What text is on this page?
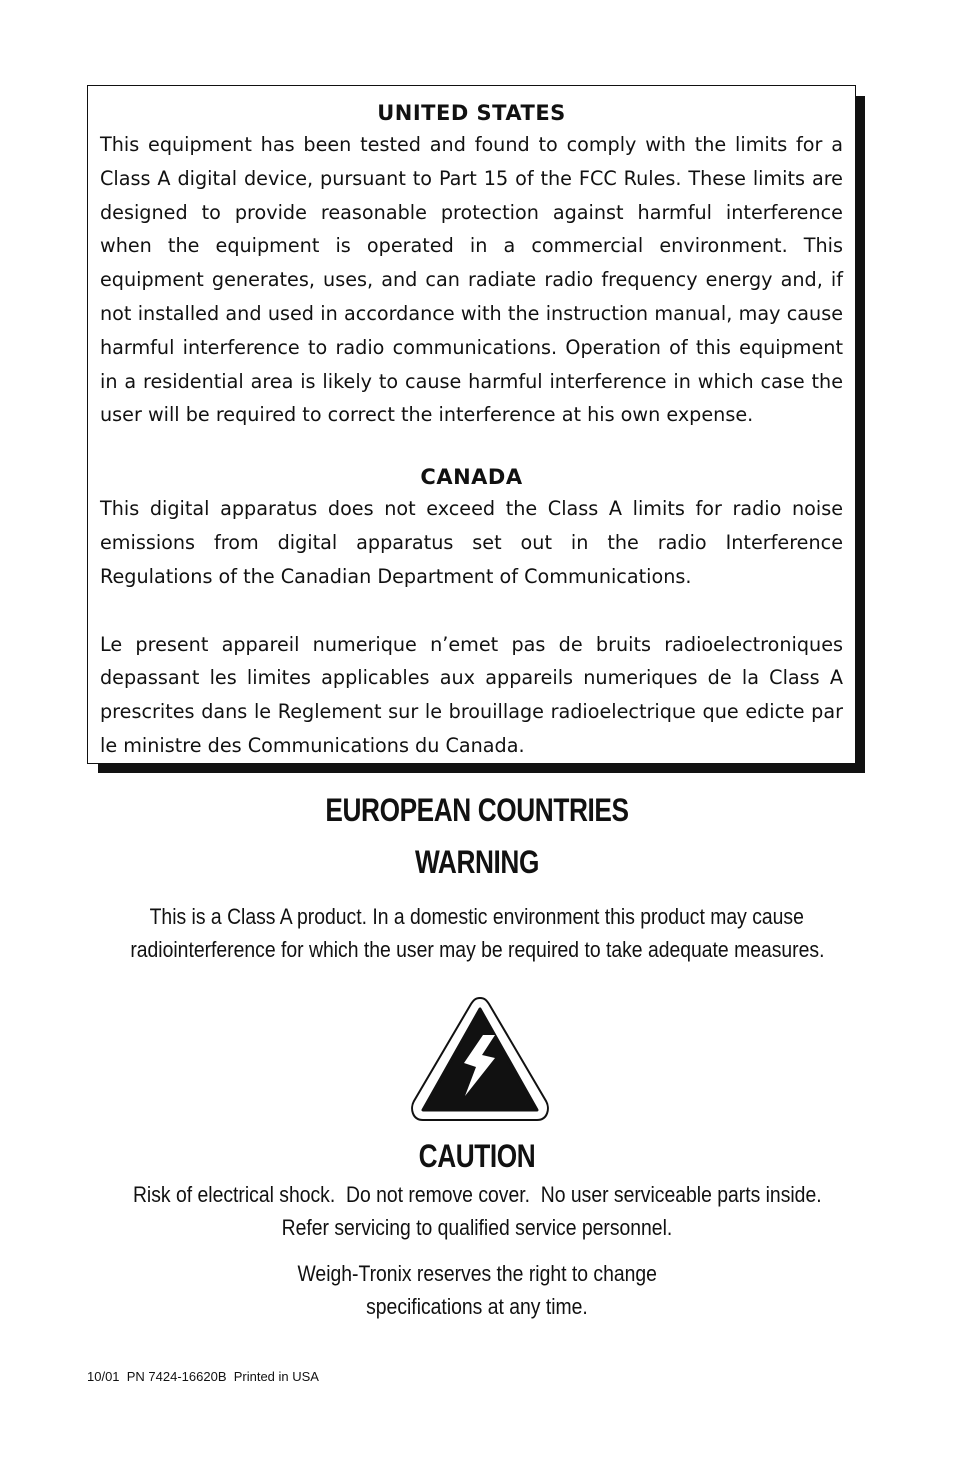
UNITED STATES

This equipment has been tested and found to comply with the limits for a Class A digital device, pursuant to Part 15 of the FCC Rules. These limits are designed to provide reasonable protection against harmful interference when the equipment is operated in a commercial environment. This equipment generates, uses, and can radiate radio frequency energy and, if not installed and used in accordance with the instruction manual, may cause harmful interference to radio communications. Operation of this equipment in a residential area is likely to cause harmful interference in which case the user will be required to correct the interference at his own expense.

CANADA

This digital apparatus does not exceed the Class A limits for radio noise emissions from digital apparatus set out in the radio Interference Regulations of the Canadian Department of Communications.

Le present appareil numerique n’emet pas de bruits radioelectroniques depassant les limites applicables aux appareils numeriques de la Class A prescrites dans le Reglement sur le brouillage radioelectrique que edicte par le ministre des Communications du Canada.

EUROPEAN COUNTRIES
WARNING
This is a Class A product. In a domestic environment this product may cause
radiointerference for which the user may be required to take adequate measures.
CAUTION
Risk of electrical shock.  Do not remove cover.  No user serviceable parts inside.
Refer servicing to qualified service personnel.
Weigh-Tronix reserves the right to change
specifications at any time.
10/01  PN 7424-16620B  Printed in USA
